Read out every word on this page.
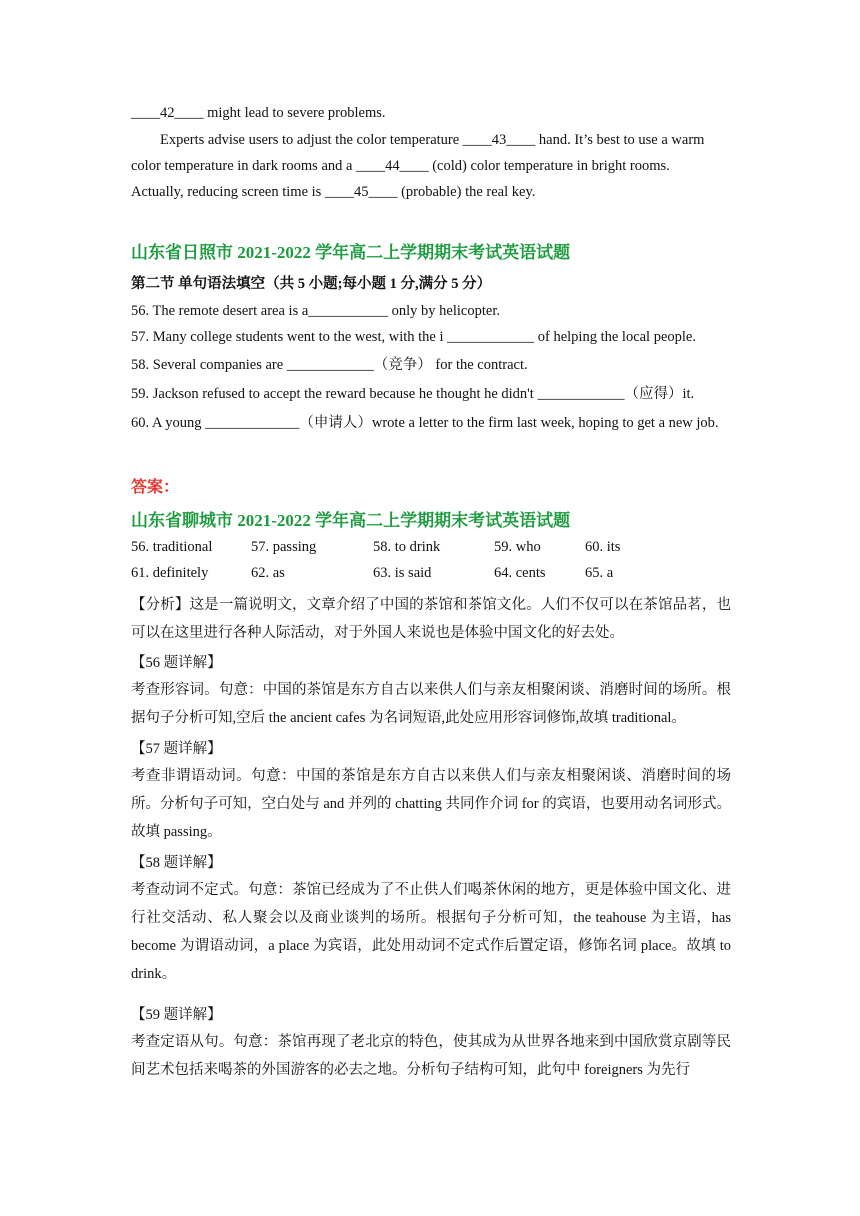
____42____ might lead to severe problems.
Experts advise users to adjust the color temperature ____43____ hand. It’s best to use a warm
color temperature in dark rooms and a ____44____ (cold) color temperature in bright rooms.
Actually, reducing screen time is ____45____ (probable) the real key.
山东省日照市 2021-2022 学年高二上学期期末考试英语试题
第二节 单句语法填空（共 5 小题;每小题 1 分,满分 5 分）
56. The remote desert area is a___________ only by helicopter.
57. Many college students went to the west, with the i ____________ of helping the local people.
58. Several companies are ____________（竞争） for the contract.
59. Jackson refused to accept the reward because he thought he didn't ____________（应得）it.
60. A young _____________（申请人）wrote a letter to the firm last week, hoping to get a new job.
答案：
山东省聊城市 2021-2022 学年高二上学期期末考试英语试题
56. traditional	57. passing	58. to drink	59. who	60. its
61. definitely	62. as	63. is said	64. cents	65. a
【分析】这是一篇说明文，文章介绍了中国的茶馆和茶馆文化。人们不仅可以在茶馆品茗，也可以在这里进行各种人际活动，对于外国人来说也是体验中国文化的好去处。
【56 题详解】
考查形容词。句意：中国的茶馆是东方自古以来供人们与亲友相聚闲谈、消磨时间的场所。根据句子分析可知,空后 the ancient cafes 为名词短语,此处应用形容词修饰,故填 traditional。
【57 题详解】
考查非谓语动词。句意：中国的茶馆是东方自古以来供人们与亲友相聚闲谈、消磨时间的场所。分析句子可知，空白处与 and 并列的 chatting 共同作介词 for 的宾语，也要用动名词形式。故填 passing。
【58 题详解】
考查动词不定式。句意：茶馆已经成为了不止供人们喝茶休闲的地方，更是体验中国文化、进行社交活动、私人聚会以及商业谈判的场所。根据句子分析可知，the teahouse 为主语，has become 为谓语动词，a place 为宾语，此处用动词不定式作后置定语，修饰名词 place。故填 to drink。
【59 题详解】
考查定语从句。句意：茶馆再现了老北京的特色，使其成为从世界各地来到中国欣赏京剧等民间艺术包括来喝茶的外国游客的必去之地。分析句子结构可知，此句中 foreigners 为先行
